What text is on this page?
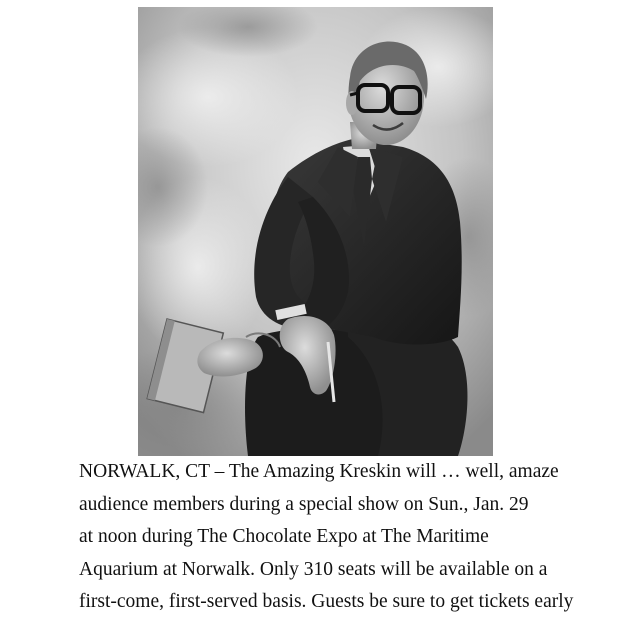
NORWALK, CT – The Amazing Kreskin will … well, amaze
audience members during a special show on Sun., Jan. 29
at noon during The Chocolate Expo at The Maritime
Aquarium at Norwalk. Only 310 seats will be available on a
first-come, first-served basis. Guests be sure to get tickets early
